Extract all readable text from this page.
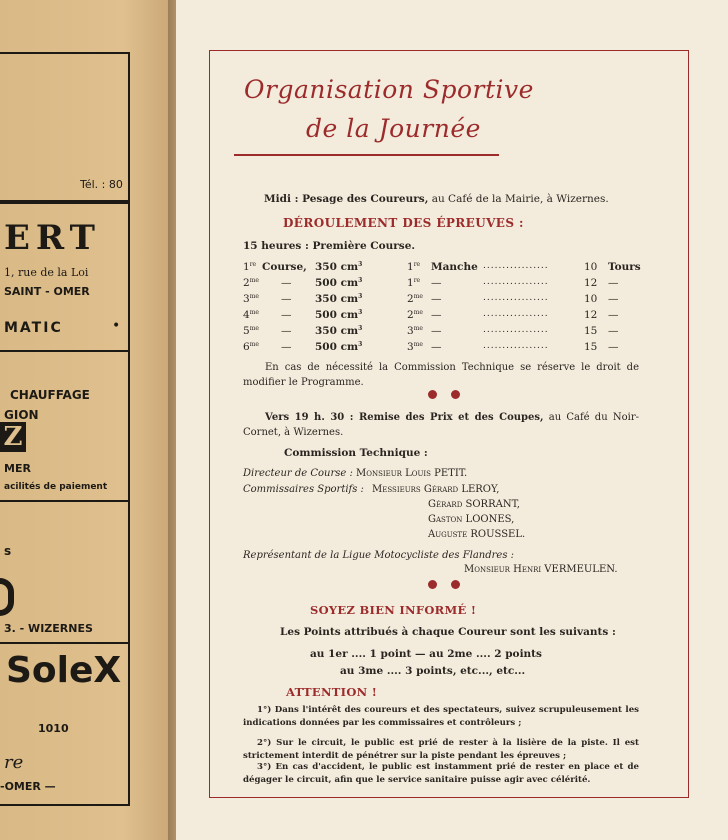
Tél. : 80
ERT
1, rue de la Loi
SAINT - OMER
MATIC	•
CHAUFFAGE
GION
Z
MER
acilités de paiement
s
3. - WIZERNES
SoleX
1010
re
-OMER —
Organisation Sportive
de la Journée
Midi : Pesage des Coureurs, au Café de la Mairie, à Wizernes.
DÉROULEMENT DES ÉPREUVES :
15 heures : Première Course.
1re Course, 350 $cm^3$	1re Manche .................	10 Tours
$2^{me}$ — 500 $cm^3$	1re —	.................	12 —
$3^{me}$ — 350 $cm^3$	$2^{me}$ —	.................	10 —
$4^{me}$ — 500 $cm^3$	$2^{me}$ —	.................	12 —
$5^{me}$ — 350 $cm^3$	$3^{me}$ —	.................	15 —
$6^{me}$ — 500 $cm^3$	$3^{me}$ —	.................	15 —
En cas de nécessité la Commission Technique se réserve le droit de modifier le Programme.
Vers 19 h. 30 : Remise des Prix et des Coupes, au Café du Noir-Cornet, à Wizernes.
Commission Technique :
Directeur de Course : Monsieur Louis PETIT.
Commissaires Sportifs : Messieurs Gérard LEROY,
Gérard SORRANT,
Gaston LOONES,
Auguste ROUSSEL.
Représentant de la Ligue Motocycliste des Flandres :
Monsieur Henri VERMEULEN.
SOYEZ BIEN INFORMÉ !
Les Points attribués à chaque Coureur sont les suivants :
au 1er .... 1 point — au 2me .... 2 points
au 3me .... 3 points, etc..., etc...
ATTENTION !
1°) Dans l'intérêt des coureurs et des spectateurs, suivez scrupuleusement les indications données par les commissaires et contrôleurs ;
2°) Sur le circuit, le public est prié de rester à la lisière de la piste. Il est strictement interdit de pénétrer sur la piste pendant les épreuves ;
3°) En cas d'accident, le public est instamment prié de rester en place et de dégager le circuit, afin que le service sanitaire puisse agir avec célérité.
